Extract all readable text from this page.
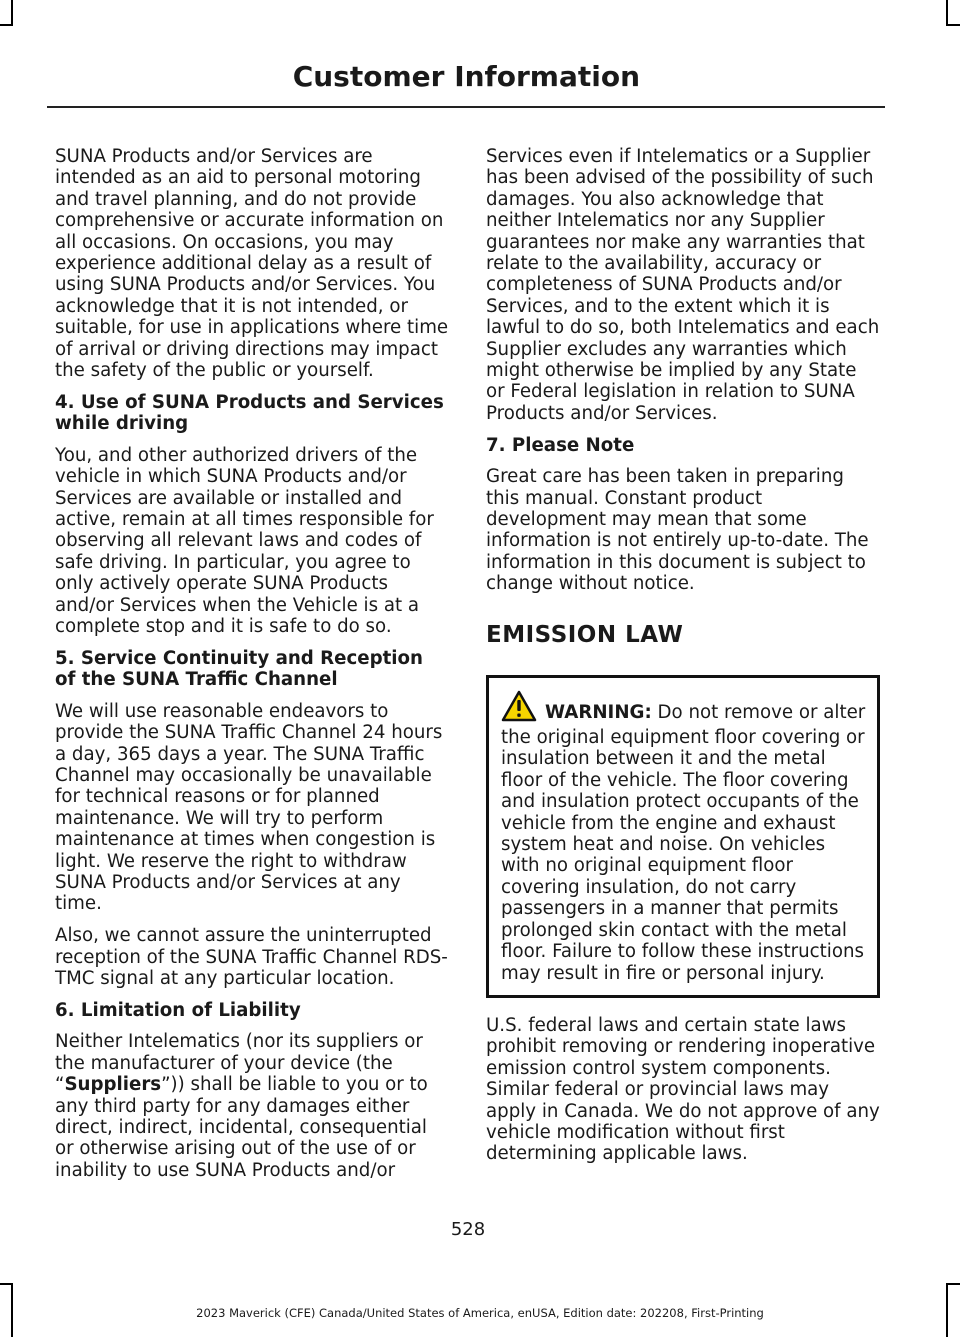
Customer Information

SUNA Products and/or Services are intended as an aid to personal motoring and travel planning, and do not provide comprehensive or accurate information on all occasions. On occasions, you may experience additional delay as a result of using SUNA Products and/or Services. You acknowledge that it is not intended, or suitable, for use in applications where time of arrival or driving directions may impact the safety of the public or yourself.

4. Use of SUNA Products and Services while driving

You, and other authorized drivers of the vehicle in which SUNA Products and/or Services are available or installed and active, remain at all times responsible for observing all relevant laws and codes of safe driving. In particular, you agree to only actively operate SUNA Products and/or Services when the Vehicle is at a complete stop and it is safe to do so.

5. Service Continuity and Reception of the SUNA Traffic Channel

We will use reasonable endeavors to provide the SUNA Traffic Channel 24 hours a day, 365 days a year. The SUNA Traffic Channel may occasionally be unavailable for technical reasons or for planned maintenance. We will try to perform maintenance at times when congestion is light. We reserve the right to withdraw SUNA Products and/or Services at any time.

Also, we cannot assure the uninterrupted reception of the SUNA Traffic Channel RDS-TMC signal at any particular location.

6. Limitation of Liability

Neither Intelematics (nor its suppliers or the manufacturer of your device (the “Suppliers”)) shall be liable to you or to any third party for any damages either direct, indirect, incidental, consequential or otherwise arising out of the use of or inability to use SUNA Products and/or

Services even if Intelematics or a Supplier has been advised of the possibility of such damages. You also acknowledge that neither Intelematics nor any Supplier guarantees nor make any warranties that relate to the availability, accuracy or completeness of SUNA Products and/or Services, and to the extent which it is lawful to do so, both Intelematics and each Supplier excludes any warranties which might otherwise be implied by any State or Federal legislation in relation to SUNA Products and/or Services.

7. Please Note

Great care has been taken in preparing this manual. Constant product development may mean that some information is not entirely up-to-date. The information in this document is subject to change without notice.

EMISSION LAW

WARNING: Do not remove or alter the original equipment floor covering or insulation between it and the metal floor of the vehicle. The floor covering and insulation protect occupants of the vehicle from the engine and exhaust system heat and noise. On vehicles with no original equipment floor covering insulation, do not carry passengers in a manner that permits prolonged skin contact with the metal floor. Failure to follow these instructions may result in fire or personal injury.

U.S. federal laws and certain state laws prohibit removing or rendering inoperative emission control system components. Similar federal or provincial laws may apply in Canada. We do not approve of any vehicle modification without first determining applicable laws.

528
2023 Maverick (CFE) Canada/United States of America, enUSA, Edition date: 202208, First-Printing
